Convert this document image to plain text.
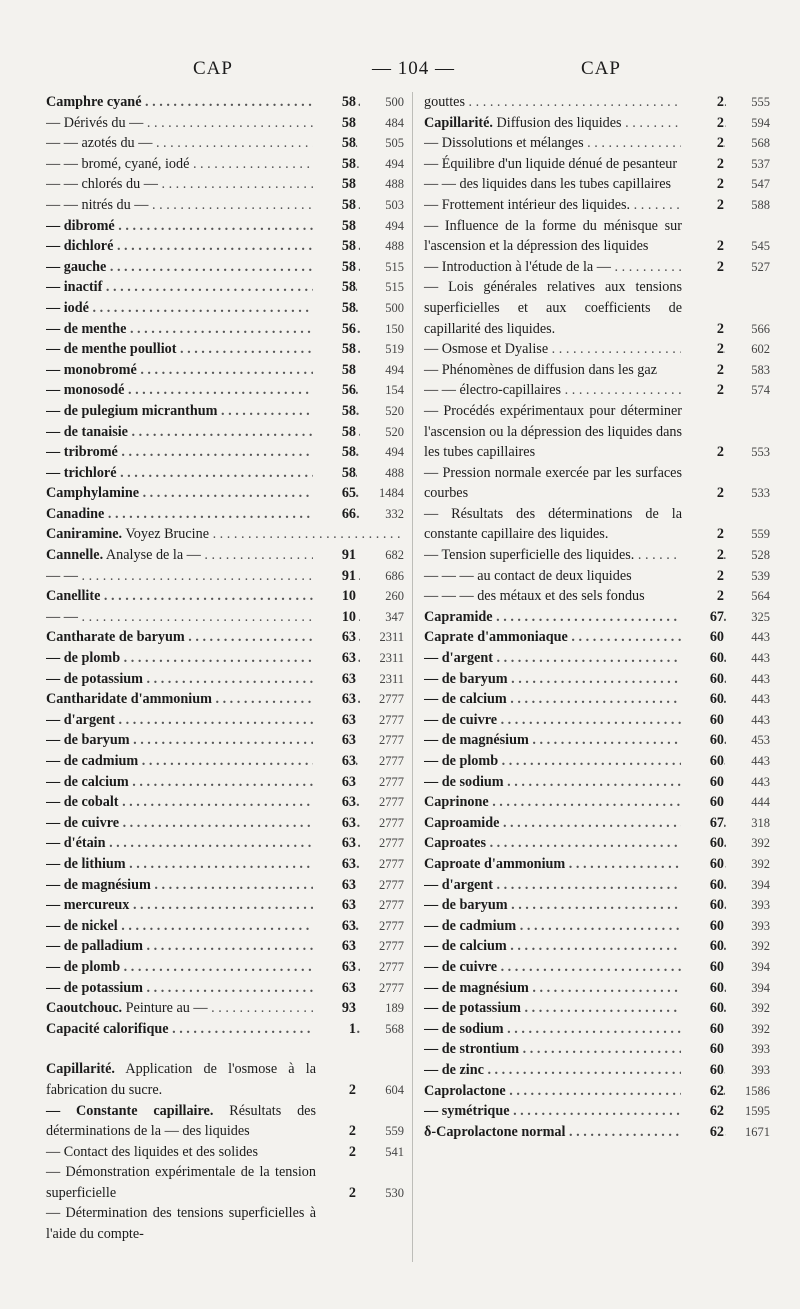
CAP	— 104 —	CAP
Camphre cyané . . .	58	500
— Dérivés du — . . .	58	484
— — azotés du — . . .	58	505
— — bromé, cyané, iodé . . .	58	494
— — chlorés du — . . .	58	488
— — nitrés du — . . .	58	503
— dibromé . . .	58	494
— dichloré . . .	58	488
— gauche . . .	58	515
— inactif . . .	58	515
— iodé . . .	58	500
— de menthe . . .	56	150
— de menthe poulliot . . .	58	519
— monobromé . . .	58	494
— monosodé . . .	56	154
— de pulegium micranthum . . .	58	520
— de tanaisie . . .	58	520
— tribromé . . .	58	494
— trichloré . . .	58	488
Camphylamine . . .	65	1484
Canadine . . .	66	332
Caniramine. Voyez Brucine . . .
Cannelle. Analyse de la — . . .	91	682
— — . . .	91	686
Canellite . . .	10	260
— — . . .	10	347
Cantharate de baryum . . .	63	2311
— de plomb . . .	63	2311
— de potassium . . .	63	2311
Cantharidate d'ammonium . . .	63	2777
— d'argent . . .	63	2777
— de baryum . . .	63	2777
— de cadmium . . .	63	2777
— de calcium . . .	63	2777
— de cobalt . . .	63	2777
— de cuivre . . .	63	2777
— d'étain . . .	63	2777
— de lithium . . .	63	2777
— de magnésium . . .	63	2777
— mercureux . . .	63	2777
— de nickel . . .	63	2777
— de palladium . . .	63	2777
— de plomb . . .	63	2777
— de potassium . . .	63	2777
Caoutchouc. Peinture au — . . .	93	189
Capacité calorifique . . .	1	568
Capillarité. Application de l'osmose à la fabrication du sucre.	2	604
— Constante capillaire. Résultats des déterminations de la — des liquides	2	559
— Contact des liquides et des solides	2	541
— Démonstration expérimentale de la tension superficielle	2	530
— Détermination des tensions superficielles à l'aide du compte-
gouttes . . .	2	555
Capillarité. Diffusion des liquides . . .	2	594
— Dissolutions et mélanges . . .	2	568
— Équilibre d'un liquide dénué de pesanteur	2	537
— — des liquides dans les tubes capillaires	2	547
— Frottement intérieur des liquides. . . .	2	588
— Influence de la forme du ménisque sur l'ascension et la dépression des liquides	2	545
— Introduction à l'étude de la — . . .	2	527
— Lois générales relatives aux tensions superficielles et aux coefficients de capillarité des liquides.	2	566
— Osmose et Dyalise . . .	2	602
— Phénomènes de diffusion dans les gaz	2	583
— — électro-capillaires . . .	2	574
— Procédés expérimentaux pour déterminer l'ascension ou la dépression des liquides dans les tubes capillaires	2	553
— Pression normale exercée par les surfaces courbes	2	533
— Résultats des déterminations de la constante capillaire des liquides.	2	559
— Tension superficielle des liquides. . . .	2	528
— — — au contact de deux liquides	2	539
— — — des métaux et des sels fondus	2	564
Capramide . . .	67	325
Caprate d'ammoniaque . . .	60	443
— d'argent . . .	60	443
— de baryum . . .	60	443
— de calcium . . .	60	443
— de cuivre . . .	60	443
— de magnésium . . .	60	453
— de plomb . . .	60	443
— de sodium . . .	60	443
Caprinone . . .	60	444
Caproamide . . .	67	318
Caproates . . .	60	392
Caproate d'ammonium . . .	60	392
— d'argent . . .	60	394
— de baryum . . .	60	393
— de cadmium . . .	60	393
— de calcium . . .	60	392
— de cuivre . . .	60	394
— de magnésium . . .	60	394
— de potassium . . .	60	392
— de sodium . . .	60	392
— de strontium . . .	60	393
— de zinc . . .	60	393
Caprolactone . . .	62	1586
— symétrique . . .	62	1595
δ-Caprolactone normal . . .	62	1671
